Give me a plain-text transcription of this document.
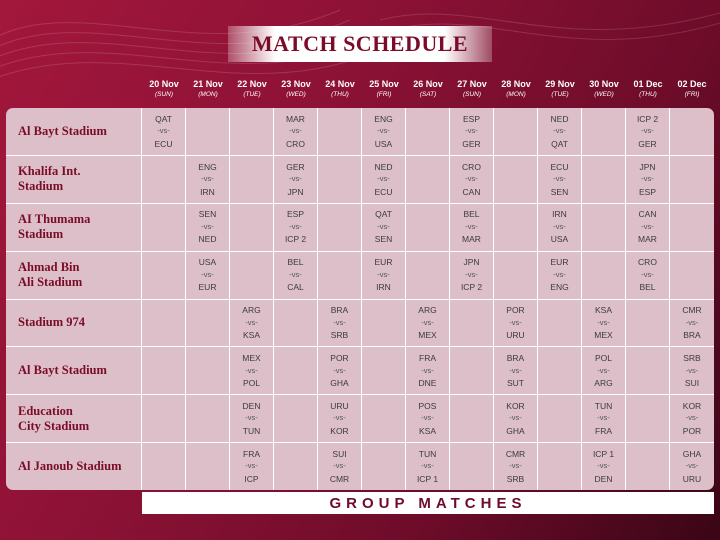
MATCH SCHEDULE
20 Nov
(SUN)
21 Nov
(MON)
22 Nov
(TUE)
23 Nov
(WED)
24 Nov
(THU)
25 Nov
(FRI)
26 Nov
(SAT)
27 Nov
(SUN)
28 Nov
(MON)
29 Nov
(TUE)
30 Nov
(WED)
01 Dec
(THU)
02 Dec
(FRI)
Al Bayt Stadium
QAT
-vs-
ECU
MAR
-vs-
CRO
ENG
-vs-
USA
ESP
-vs-
GER
NED
-vs-
QAT
ICP 2
-vs-
GER
Khalifa Int.
Stadium
ENG
-vs-
IRN
GER
-vs-
JPN
NED
-vs-
ECU
CRO
-vs-
CAN
ECU
-vs-
SEN
JPN
-vs-
ESP
AI Thumama
Stadium
SEN
-vs-
NED
ESP
-vs-
ICP 2
QAT
-vs-
SEN
BEL
-vs-
MAR
IRN
-vs-
USA
CAN
-vs-
MAR
Ahmad Bin
Ali Stadium
USA
-vs-
EUR
BEL
-vs-
CAL
EUR
-vs-
IRN
JPN
-vs-
ICP 2
EUR
-vs-
ENG
CRO
-vs-
BEL
Stadium 974
ARG
-vs-
KSA
BRA
-vs-
SRB
ARG
-vs-
MEX
POR
-vs-
URU
KSA
-vs-
MEX
CMR
-vs-
BRA
Al Bayt Stadium
MEX
-vs-
POL
POR
-vs-
GHA
FRA
-vs-
DNE
BRA
-vs-
SUT
POL
-vs-
ARG
SRB
-vs-
SUI
Education
City Stadium
DEN
-vs-
TUN
URU
-vs-
KOR
POS
-vs-
KSA
KOR
-vs-
GHA
TUN
-vs-
FRA
KOR
-vs-
POR
Al Janoub Stadium
FRA
-vs-
ICP
SUI
-vs-
CMR
TUN
-vs-
ICP 1
CMR
-vs-
SRB
ICP 1
-vs-
DEN
GHA
-vs-
URU
GROUP MATCHES
